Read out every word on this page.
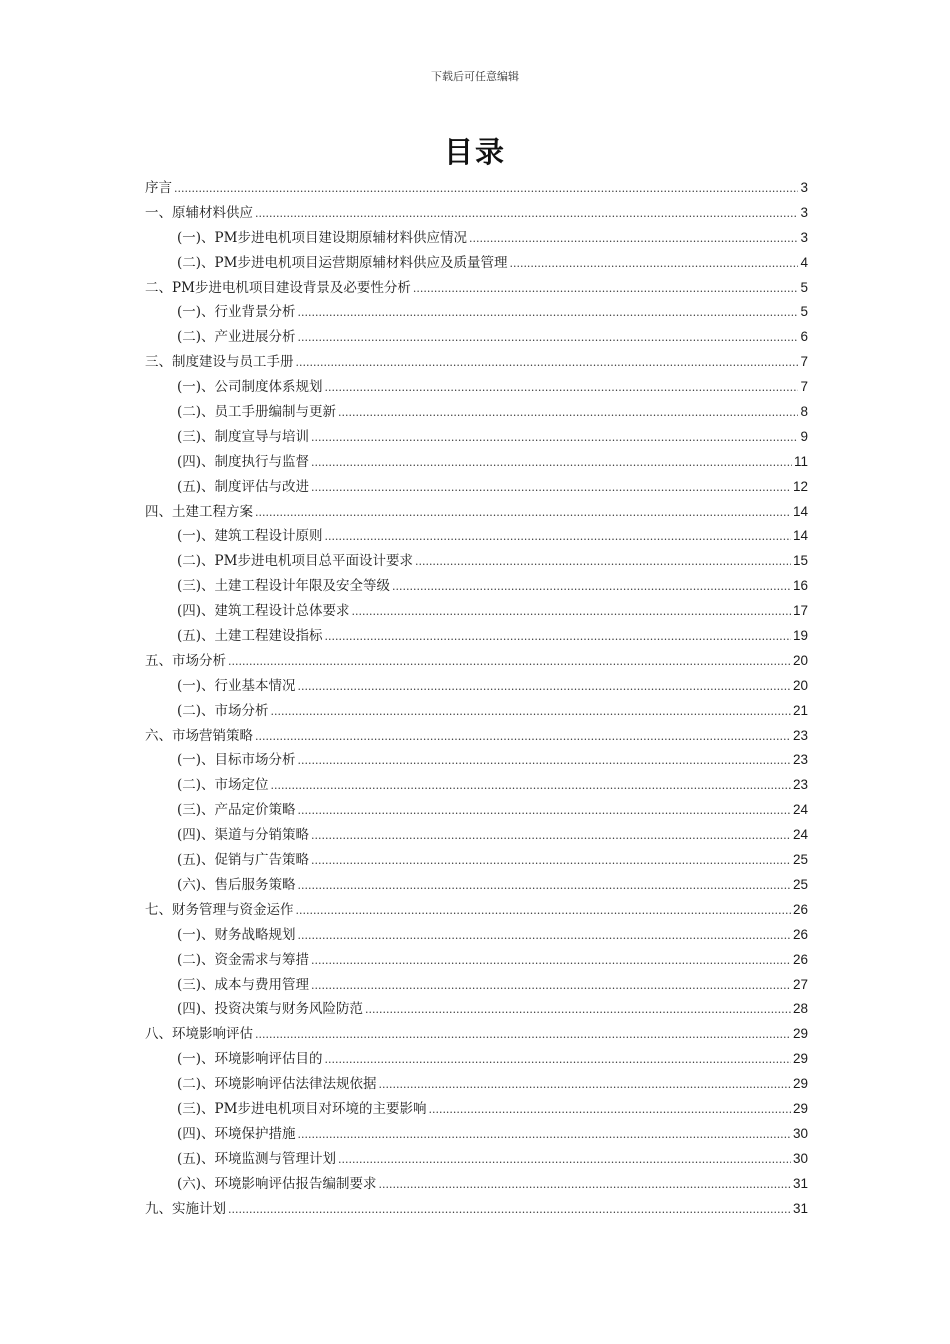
下载后可任意编辑
目录
序言 .....	3
一、原辅材料供应 .....	3
(一)、PM步进电机项目建设期原辅材料供应情况 .....	3
(二)、PM步进电机项目运营期原辅材料供应及质量管理 .....	4
二、PM步进电机项目建设背景及必要性分析 .....	5
(一)、行业背景分析 .....	5
(二)、产业进展分析 .....	6
三、制度建设与员工手册 .....	7
(一)、公司制度体系规划 .....	7
(二)、员工手册编制与更新 .....	8
(三)、制度宣导与培训 .....	9
(四)、制度执行与监督 .....	11
(五)、制度评估与改进 .....	12
四、土建工程方案 .....	14
(一)、建筑工程设计原则 .....	14
(二)、PM步进电机项目总平面设计要求 .....	15
(三)、土建工程设计年限及安全等级 .....	16
(四)、建筑工程设计总体要求 .....	17
(五)、土建工程建设指标 .....	19
五、市场分析 .....	20
(一)、行业基本情况 .....	20
(二)、市场分析 .....	21
六、市场营销策略 .....	23
(一)、目标市场分析 .....	23
(二)、市场定位 .....	23
(三)、产品定价策略 .....	24
(四)、渠道与分销策略 .....	24
(五)、促销与广告策略 .....	25
(六)、售后服务策略 .....	25
七、财务管理与资金运作 .....	26
(一)、财务战略规划 .....	26
(二)、资金需求与筹措 .....	26
(三)、成本与费用管理 .....	27
(四)、投资决策与财务风险防范 .....	28
八、环境影响评估 .....	29
(一)、环境影响评估目的 .....	29
(二)、环境影响评估法律法规依据 .....	29
(三)、PM步进电机项目对环境的主要影响 .....	29
(四)、环境保护措施 .....	30
(五)、环境监测与管理计划 .....	30
(六)、环境影响评估报告编制要求 .....	31
九、实施计划 .....	31
